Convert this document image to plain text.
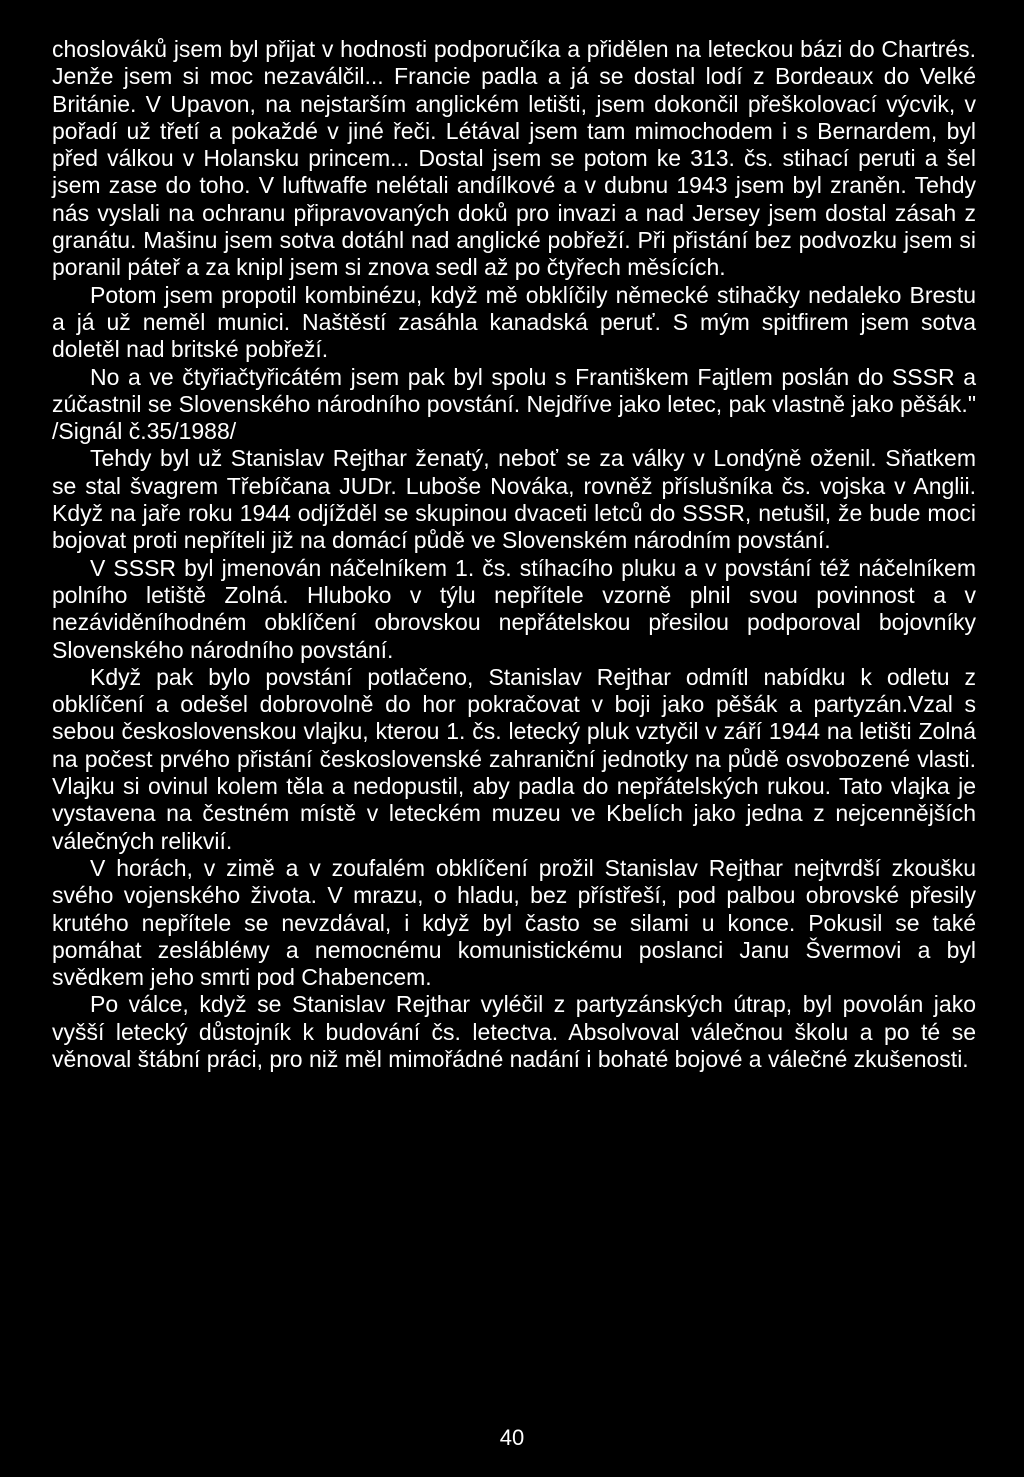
choslováků jsem byl přijat v hodnosti podporučíka a přidělen na leteckou bázi do Chartrés. Jenže jsem si moc nezaválčil... Francie padla a já se dostal lodí z Bordeaux do Velké Británie. V Upavon, na nejstarším anglickém letišti, jsem dokončil přeškolovací výcvik, v pořadí už třetí a pokaždé v jiné řeči. Létával jsem tam mimochodem i s Bernardem, byl před válkou v Holansku princem... Dostal jsem se potom ke 313. čs. stihací peruti a šel jsem zase do toho. V luftwaffe nelétali andílkové a v dubnu 1943 jsem byl zraněn. Tehdy nás vyslali na ochranu připravovaných doků pro invazi a nad Jersey jsem dostal zásah z granátu. Mašinu jsem sotva dotáhl nad anglické pobřeží. Při přistání bez podvozku jsem si poranil páteř a za knipl jsem si znova sedl až po čtyřech měsících.

Potom jsem propotil kombinézu, když mě obklíčily německé stihačky nedaleko Brestu a já už neměl munici. Naštěstí zasáhla kanadská peruť. S mým spitfirem jsem sotva doletěl nad britské pobřeží.

No a ve čtyřiačtyřicátém jsem pak byl spolu s Františkem Fajtlem poslán do SSSR a zúčastnil se Slovenského národního povstání. Nejdříve jako letec, pak vlastně jako pěšák." /Signál č.35/1988/

Tehdy byl už Stanislav Rejthar ženatý, neboť se za války v Londýně oženil. Sňatkem se stal švagrem Třebíčana JUDr. Luboše Nováka, rovněž příslušníka čs. vojska v Anglii. Když na jaře roku 1944 odjížděl se skupinou dvaceti letců do SSSR, netušil, že bude moci bojovat proti nepříteli již na domácí půdě ve Slovenském národním povstání.

V SSSR byl jmenován náčelníkem 1. čs. stíhacího pluku a v povstání též náčelníkem polního letiště Zolná. Hluboko v týlu nepřítele vzorně plnil svou povinnost a v nezáviděníhodném obklíčení obrovskou nepřátelskou přesilou podporoval bojovníky Slovenského národního povstání.

Když pak bylo povstání potlačeno, Stanislav Rejthar odmítl nabídku k odletu z obklíčení a odešel dobrovolně do hor pokračovat v boji jako pěšák a partyzán.Vzal s sebou československou vlajku, kterou 1. čs. letecký pluk vztyčil v září 1944 na letišti Zolná na počest prvého přistání československé zahraniční jednotky na půdě osvobozené vlasti. Vlajku si ovinul kolem těla a nedopustil, aby padla do nepřátelských rukou. Tato vlajka je vystavena na čestném místě v leteckém muzeu ve Kbelích jako jedna z nejcennějších válečných relikvií.

V horách, v zimě a v zoufalém obklíčení prožil Stanislav Rejthar nejtvrdší zkoušku svého vojenského života. V mrazu, o hladu, bez přístřeší, pod palbou obrovské přesily krutého nepřítele se nevzdával, i když byl často se silami u konce. Pokusil se také pomáhat zeslábléму a nemocnému komunistickému poslanci Janu Švermovi a byl svědkem jeho smrti pod Chabencem.

Po válce, když se Stanislav Rejthar vyléčil z partyzánských útrap, byl povolán jako vyšší letecký důstojník k budování čs. letectva. Absolvoval válečnou školu a po té se věnoval štábní práci, pro niž měl mimořádné nadání i bohaté bojové a válečné zkušenosti.

40
